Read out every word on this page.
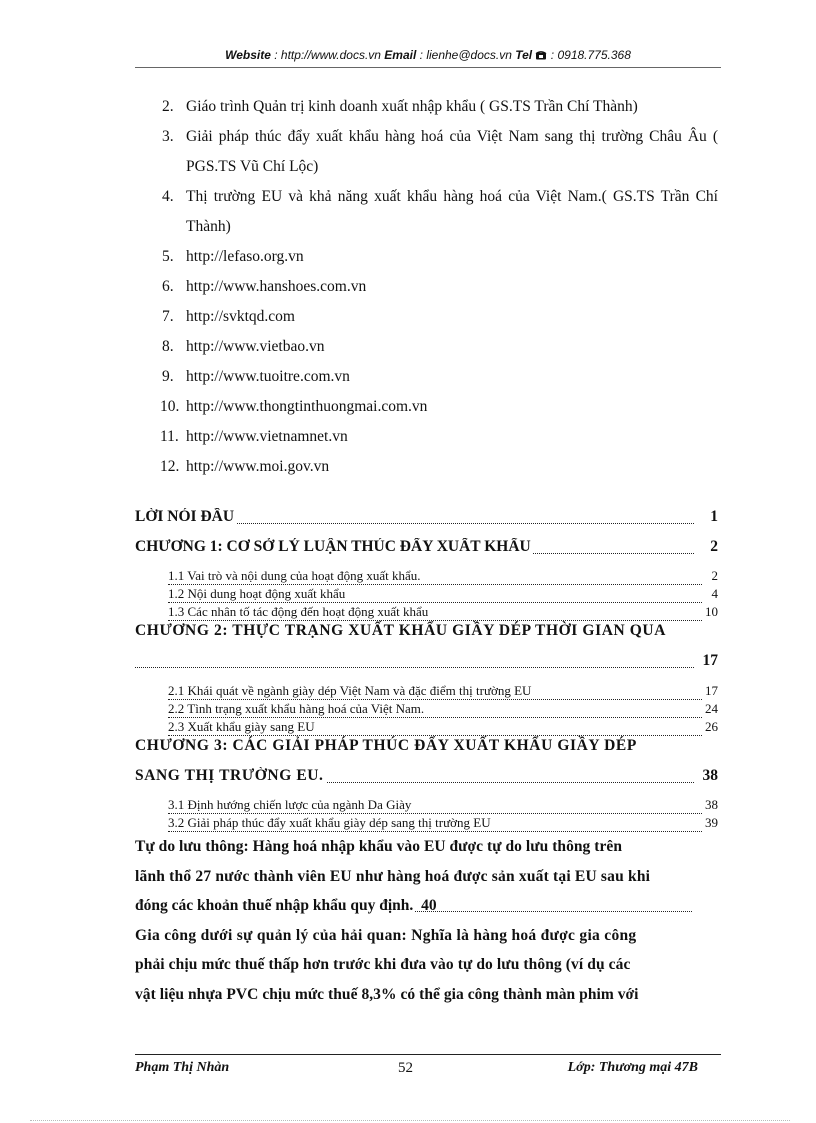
Website : http://www.docs.vn Email : lienhe@docs.vn Tel  : 0918.775.368
2. Giáo trình Quản trị kinh doanh xuất nhập khẩu ( GS.TS Trần Chí Thành)
3. Giải pháp thúc đẩy xuất khẩu hàng hoá của Việt Nam sang thị trường Châu Âu ( PGS.TS Vũ Chí Lộc)
4. Thị trường EU và khả năng xuất khẩu hàng hoá của Việt Nam.( GS.TS Trần Chí Thành)
5. http://lefaso.org.vn
6. http://www.hanshoes.com.vn
7. http://svktqd.com
8. http://www.vietbao.vn
9. http://www.tuoitre.com.vn
10. http://www.thongtinthuongmai.com.vn
11. http://www.vietnamnet.vn
12. http://www.moi.gov.vn
LỜI NÓI ĐẦU	1
CHƯƠNG 1: CƠ SỞ LÝ LUẬN THÚC ĐẨY XUẤT KHẨU	2
1.1 Vai trò và nội dung của hoạt động xuất khẩu.	2
1.2 Nội dung hoạt động xuất khẩu	4
1.3 Các nhân tố tác động đến hoạt động xuất khẩu	10
CHƯƠNG 2: THỰC TRẠNG XUẤT KHẨU GIẦY DÉP THỜI GIAN QUA
17
2.1 Khái quát về ngành giày dép Việt Nam và đặc điểm thị trường EU	17
2.2 Tình trạng xuất khẩu hàng hoá của Việt Nam.	24
2.3 Xuất khẩu giày sang EU	26
CHƯƠNG 3: CÁC GIẢI PHÁP THÚC ĐẨY XUẤT KHẨU GIẦY DÉP
SANG THỊ TRƯỜNG EU.	38
3.1 Định hướng chiến lược của ngành Da Giày	38
3.2 Giải pháp thúc đẩy xuất khẩu giày dép sang thị trường EU	39
Tự do lưu thông: Hàng hoá nhập khẩu vào EU được tự do lưu thông trên
lãnh thổ 27 nước thành viên EU như hàng hoá được sản xuất tại EU sau khi
đóng các khoản thuế nhập khẩu quy định. 40
Gia công dưới sự quản lý của hải quan: Nghĩa là hàng hoá được gia công
phải chịu mức thuế thấp hơn trước khi đưa vào tự do lưu thông (ví dụ các
vật liệu nhựa PVC chịu mức thuế 8,3% có thể gia công thành màn phim với
Phạm Thị Nhàn	52	Lớp: Thương mại 47B
